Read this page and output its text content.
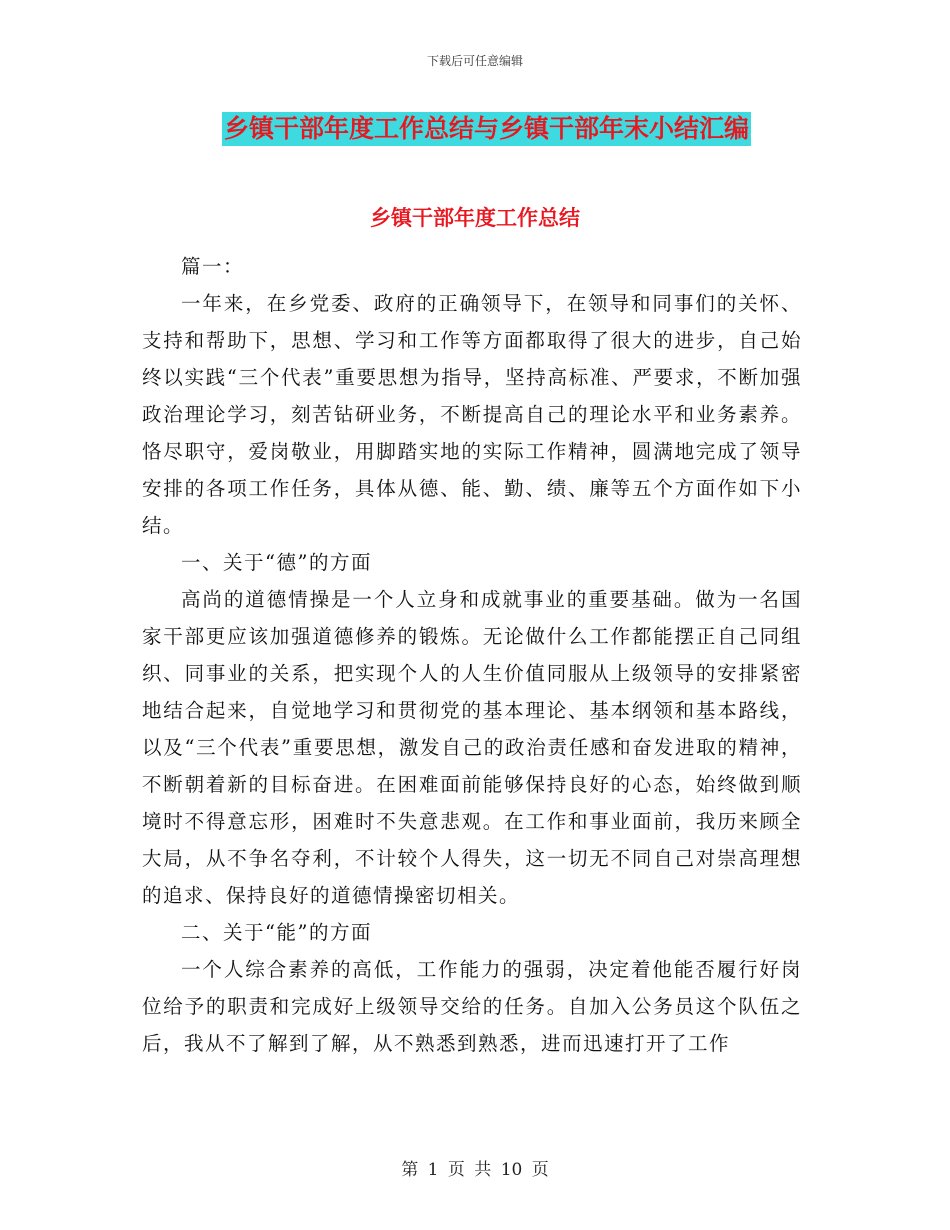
下载后可任意编辑
乡镇干部年度工作总结与乡镇干部年末小结汇编
乡镇干部年度工作总结

篇一：

一年来，在乡党委、政府的正确领导下，在领导和同事们的关怀、支持和帮助下，思想、学习和工作等方面都取得了很大的进步，自己始终以实践“三个代表”重要思想为指导，坚持高标准、严要求，不断加强政治理论学习，刻苦钻研业务，不断提高自己的理论水平和业务素养。恪尽职守，爱岗敬业，用脚踏实地的实际工作精神，圆满地完成了领导安排的各项工作任务，具体从德、能、勤、绩、廉等五个方面作如下小结。

一、关于“德”的方面

高尚的道德情操是一个人立身和成就事业的重要基础。做为一名国家干部更应该加强道德修养的锻炼。无论做什么工作都能摆正自己同组织、同事业的关系，把实现个人的人生价值同服从上级领导的安排紧密地结合起来，自觉地学习和贯彻党的基本理论、基本纲领和基本路线，以及“三个代表”重要思想，激发自己的政治责任感和奋发进取的精神，不断朝着新的目标奋进。在困难面前能够保持良好的心态，始终做到顺境时不得意忘形，困难时不失意悲观。在工作和事业面前，我历来顾全大局，从不争名夺利，不计较个人得失，这一切无不同自己对崇高理想的追求、保持良好的道德情操密切相关。

二、关于“能”的方面

一个人综合素养的高低，工作能力的强弱，决定着他能否履行好岗位给予的职责和完成好上级领导交给的任务。自加入公务员这个队伍之后，我从不了解到了解，从不熟悉到熟悉，进而迅速打开了工作

第 1 页 共 10 页
